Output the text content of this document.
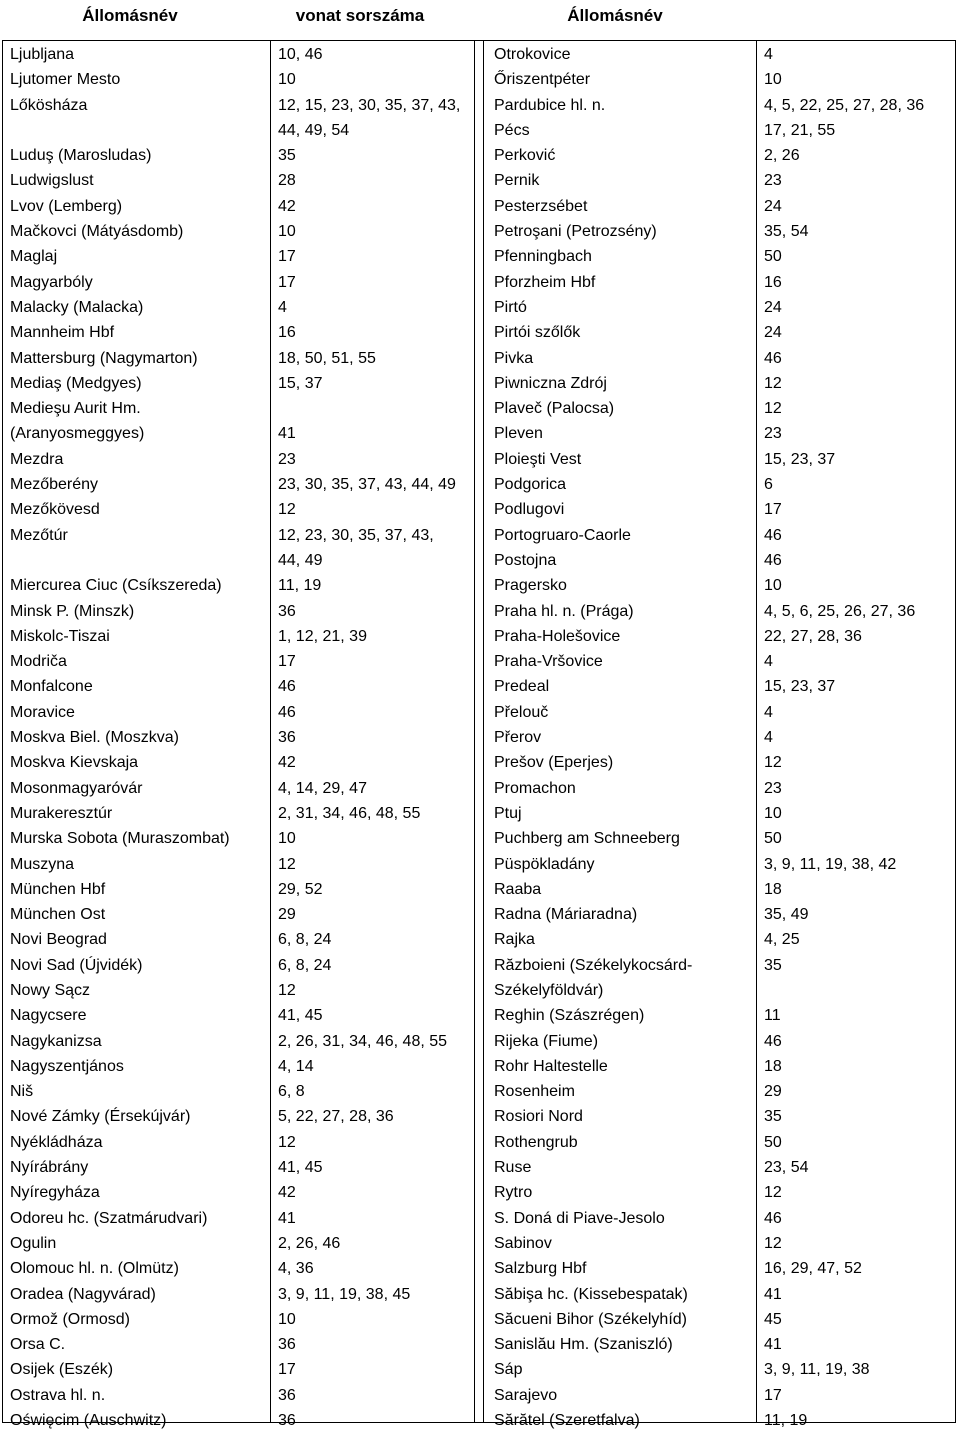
Állomásnév	vonat sorszáma	Állomásnév
Ljubljana
Ljutomer Mesto
Lőkösháza

Luduş (Marosludas)
Ludwigslust
Lvov (Lemberg)
Mačkovci (Mátyásdomb)
Maglaj
Magyarbóly
Malacky (Malacka)
Mannheim Hbf
Mattersburg (Nagymarton)
Mediaş (Medgyes)
Medieşu Aurit Hm.
(Aranyosmeggyes)
Mezdra
Mezőberény
Mezőkövesd
Mezőtúr

Miercurea Ciuc (Csíkszereda)
Minsk P. (Minszk)
Miskolc-Tiszai
Modriča
Monfalcone
Moravice
Moskva Biel. (Moszkva)
Moskva Kievskaja
Mosonmagyaróvár
Murakeresztúr
Murska Sobota (Muraszombat)
Muszyna
München Hbf
München Ost
Novi Beograd
Novi Sad (Újvidék)
Nowy Sącz
Nagycsere
Nagykanizsa
Nagyszentjános
Niš
Nové Zámky (Érsekújvár)
Nyékládháza
Nyírábrány
Nyíregyháza
Odoreu hc. (Szatmárudvari)
Ogulin
Olomouc hl. n. (Olmütz)
Oradea (Nagyvárad)
Ormož (Ormosd)
Orsa C.
Osijek (Eszék)
Ostrava hl. n.
Oświęcim (Auschwitz)
10, 46
10
12, 15, 23, 30, 35, 37, 43,
44, 49, 54
35
28
42
10
17
17
4
16
18, 50, 51, 55
15, 37

41
23
23, 30, 35, 37, 43, 44, 49
12
12, 23, 30, 35, 37, 43,
44, 49
11, 19
36
1, 12, 21, 39
17
46
46
36
42
4, 14, 29, 47
2, 31, 34, 46, 48, 55
10
12
29, 52
29
6, 8, 24
6, 8, 24
12
41, 45
2, 26, 31, 34, 46, 48, 55
4, 14
6, 8
5, 22, 27, 28, 36
12
41, 45
42
41
2, 26, 46
4, 36
3, 9, 11, 19, 38, 45
10
36
17
36
36
Otrokovice
Őriszentpéter
Pardubice hl. n.
Pécs
Perković
Pernik
Pesterzsébet
Petroşani (Petrozsény)
Pfenningbach
Pforzheim Hbf
Pirtó
Pirtói szőlők
Pivka
Piwniczna Zdrój
Plaveč (Palocsa)
Pleven
Ploieşti Vest
Podgorica
Podlugovi
Portogruaro-Caorle
Postojna
Pragersko
Praha hl. n. (Prága)
Praha-Holešovice
Praha-Vršovice
Predeal
Přelouč
Přerov
Prešov (Eperjes)
Promachon
Ptuj
Puchberg am Schneeberg
Püspökladány
Raaba
Radna (Máriaradna)
Rajka
Războieni (Székelykocsárd-Székelyföldvár)
Reghin (Szászrégen)
Rijeka (Fiume)
Rohr Haltestelle
Rosenheim
Rosiori Nord
Rothengrub
Ruse
Rytro
S. Doná di Piave-Jesolo
Sabinov
Salzburg Hbf
Săbişa hc. (Kissebespatak)
Săcueni Bihor (Székelyhíd)
Sanislău Hm. (Szaniszló)
Sáp
Sarajevo
Sărătel (Szeretfalva)
4
10
4, 5, 22, 25, 27, 28, 36
17, 21, 55
2, 26
23
24
35, 54
50
16
24
24
46
12
12
23
15, 23, 37
6
17
46
46
10
4, 5, 6, 25, 26, 27, 36
22, 27, 28, 36
4
15, 23, 37
4
4
12
23
10
50
3, 9, 11, 19, 38, 42
18
35, 49
4, 25
35
11
46
18
29
35
50
23, 54
12
46
12
16, 29, 47, 52
41
45
41
3, 9, 11, 19, 38
17
11, 19
